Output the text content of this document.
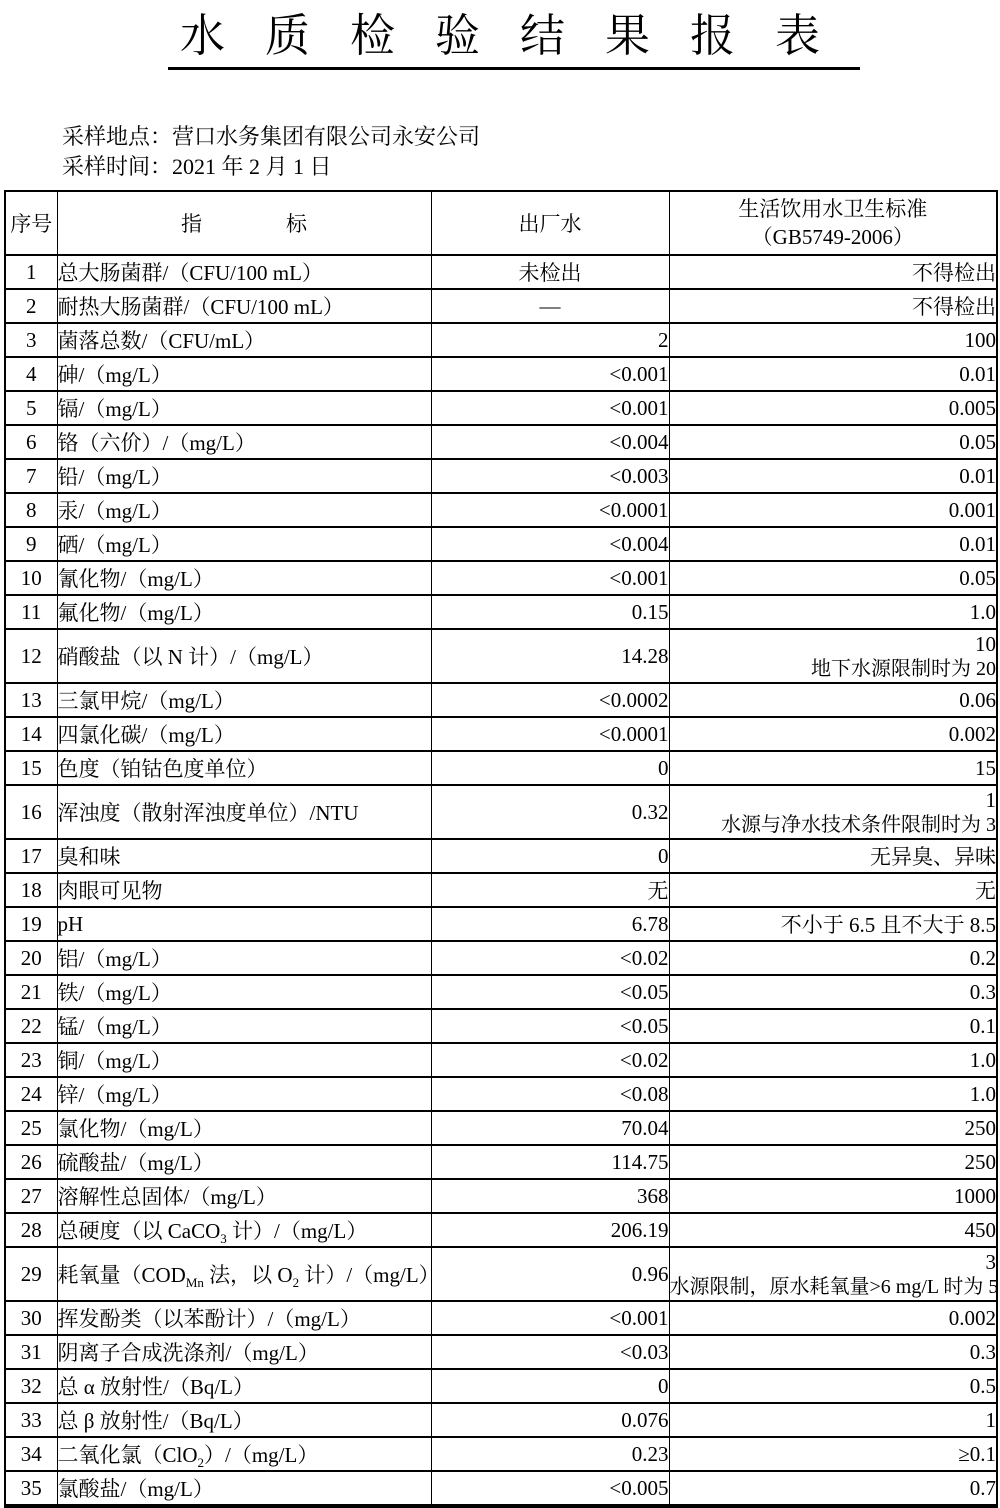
水质检验结果报表
采样地点：营口水务集团有限公司永安公司
采样时间：2021 年 2 月 1 日
序号	指　　　　标	出厂水	生活饮用水卫生标准
（GB5749-2006）

1	总大肠菌群/（CFU/100 mL）	未检出	不得检出
2	耐热大肠菌群/（CFU/100 mL）	—	不得检出
3	菌落总数/（CFU/mL）	2	100
4	砷/（mg/L）	<0.001	0.01
5	镉/（mg/L）	<0.001	0.005
6	铬（六价）/（mg/L）	<0.004	0.05
7	铅/（mg/L）	<0.003	0.01
8	汞/（mg/L）	<0.0001	0.001
9	硒/（mg/L）	<0.004	0.01
10	氰化物/（mg/L）	<0.001	0.05
11	氟化物/（mg/L）	0.15	1.0
12	硝酸盐（以 N 计）/（mg/L）	14.28	10
地下水源限制时为 20

13	三氯甲烷/（mg/L）	<0.0002	0.06
14	四氯化碳/（mg/L）	<0.0001	0.002
15	色度（铂钴色度单位）	0	15
16	浑浊度（散射浑浊度单位）/NTU	0.32	1
水源与净水技术条件限制时为 3

17	臭和味	0	无异臭、异味
18	肉眼可见物	无	无
19	pH	6.78	不小于 6.5 且不大于 8.5
20	铝/（mg/L）	<0.02	0.2
21	铁/（mg/L）	<0.05	0.3
22	锰/（mg/L）	<0.05	0.1
23	铜/（mg/L）	<0.02	1.0
24	锌/（mg/L）	<0.08	1.0
25	氯化物/（mg/L）	70.04	250
26	硫酸盐/（mg/L）	114.75	250
27	溶解性总固体/（mg/L）	368	1000
28	总硬度（以 CaCO$_3$ 计）/（mg/L）	206.19	450
29	耗氧量（$COD_{Mn}$ 法，以 $O_2$ 计）/（mg/L）	0.96	3
水源限制，原水耗氧量>6 mg/L 时为 5

30	挥发酚类（以苯酚计）/（mg/L）	<0.001	0.002
31	阴离子合成洗涤剂/（mg/L）	<0.03	0.3
32	总 α 放射性/（Bq/L）	0	0.5
33	总 β 放射性/（Bq/L）	0.076	1
34	二氧化氯（ClO$_2$）/（mg/L）	0.23	≥0.1
35	氯酸盐/（mg/L）	<0.005	0.7
